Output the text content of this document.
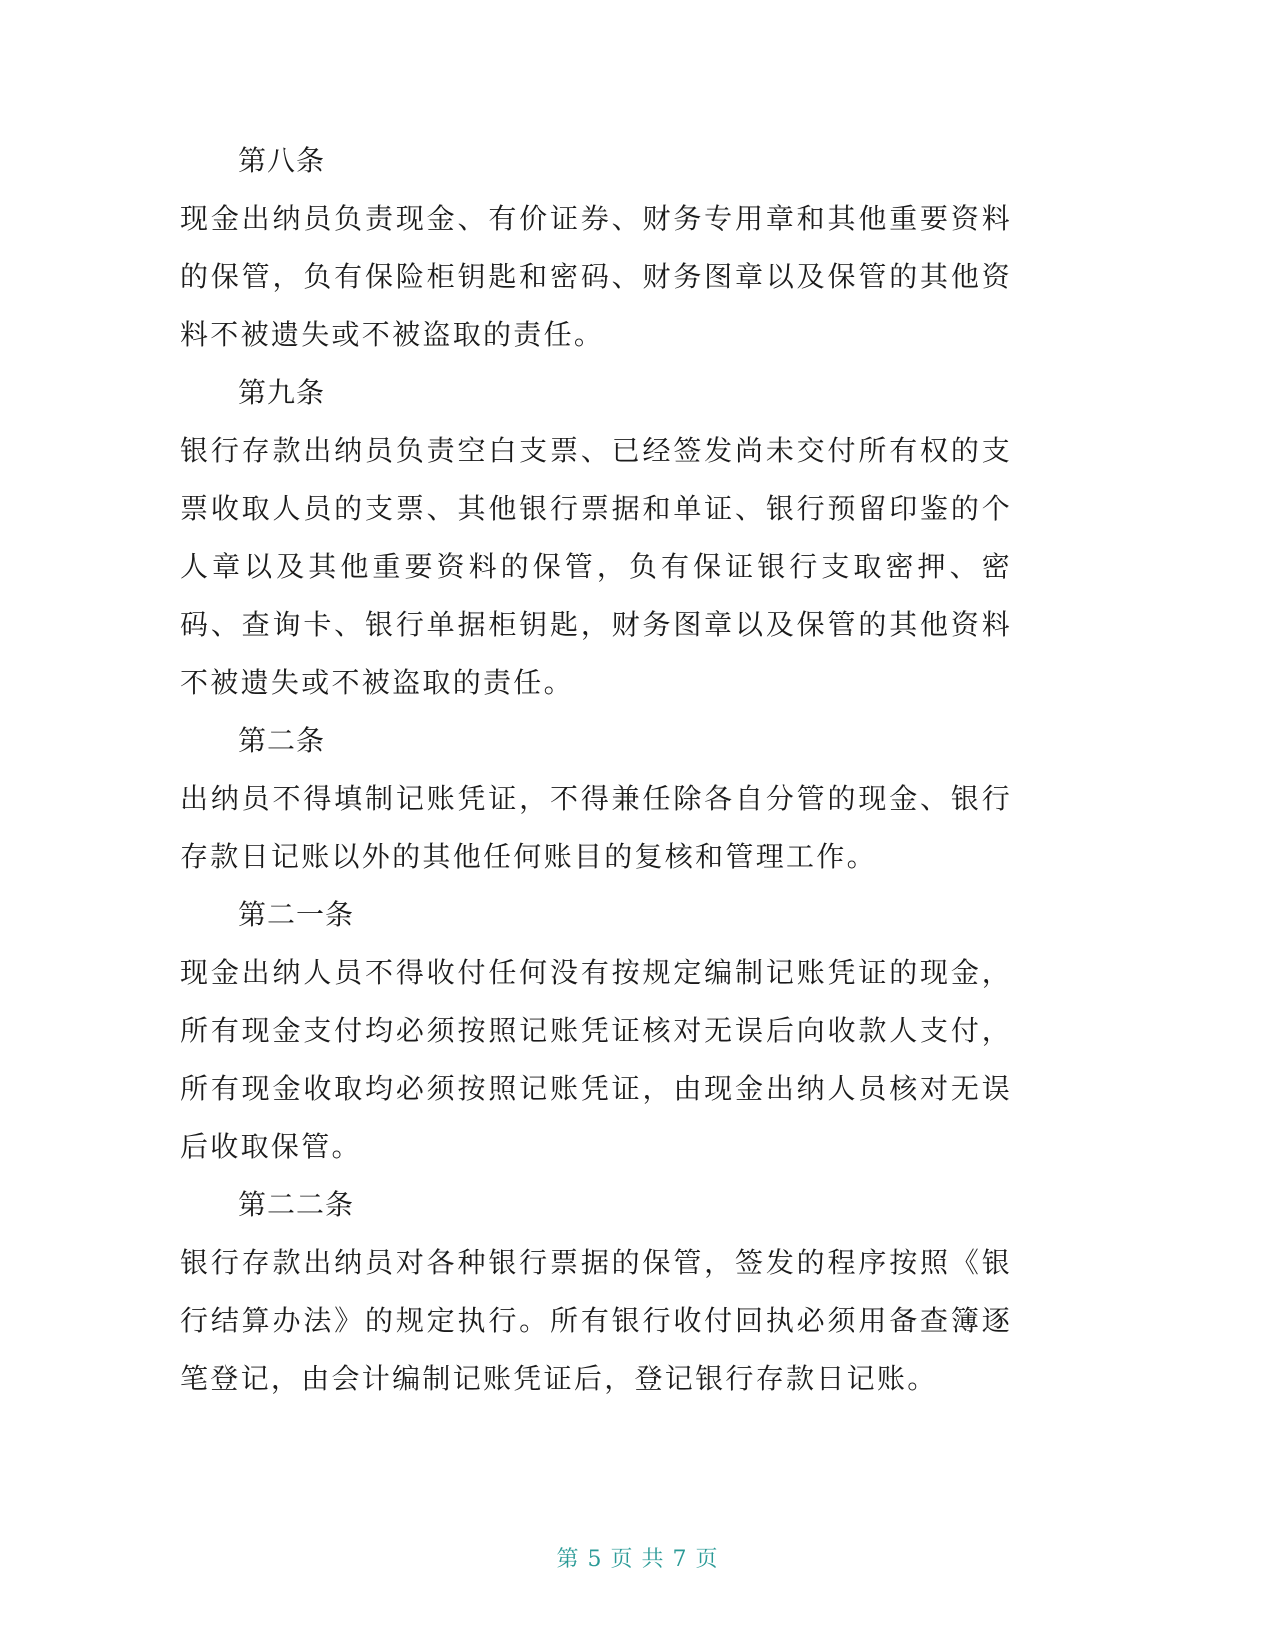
第八条

现金出纳员负责现金、有价证券、财务专用章和其他重要资料的保管，负有保险柜钥匙和密码、财务图章以及保管的其他资料不被遗失或不被盗取的责任。

第九条

银行存款出纳员负责空白支票、已经签发尚未交付所有权的支票收取人员的支票、其他银行票据和单证、银行预留印鉴的个人章以及其他重要资料的保管，负有保证银行支取密押、密码、查询卡、银行单据柜钥匙，财务图章以及保管的其他资料不被遗失或不被盗取的责任。

第二条

出纳员不得填制记账凭证，不得兼任除各自分管的现金、银行存款日记账以外的其他任何账目的复核和管理工作。

第二一条

现金出纳人员不得收付任何没有按规定编制记账凭证的现金，所有现金支付均必须按照记账凭证核对无误后向收款人支付，所有现金收取均必须按照记账凭证，由现金出纳人员核对无误后收取保管。

第二二条

银行存款出纳员对各种银行票据的保管，签发的程序按照《银行结算办法》的规定执行。所有银行收付回执必须用备查簿逐笔登记，由会计编制记账凭证后，登记银行存款日记账。

第 5 页 共 7 页
